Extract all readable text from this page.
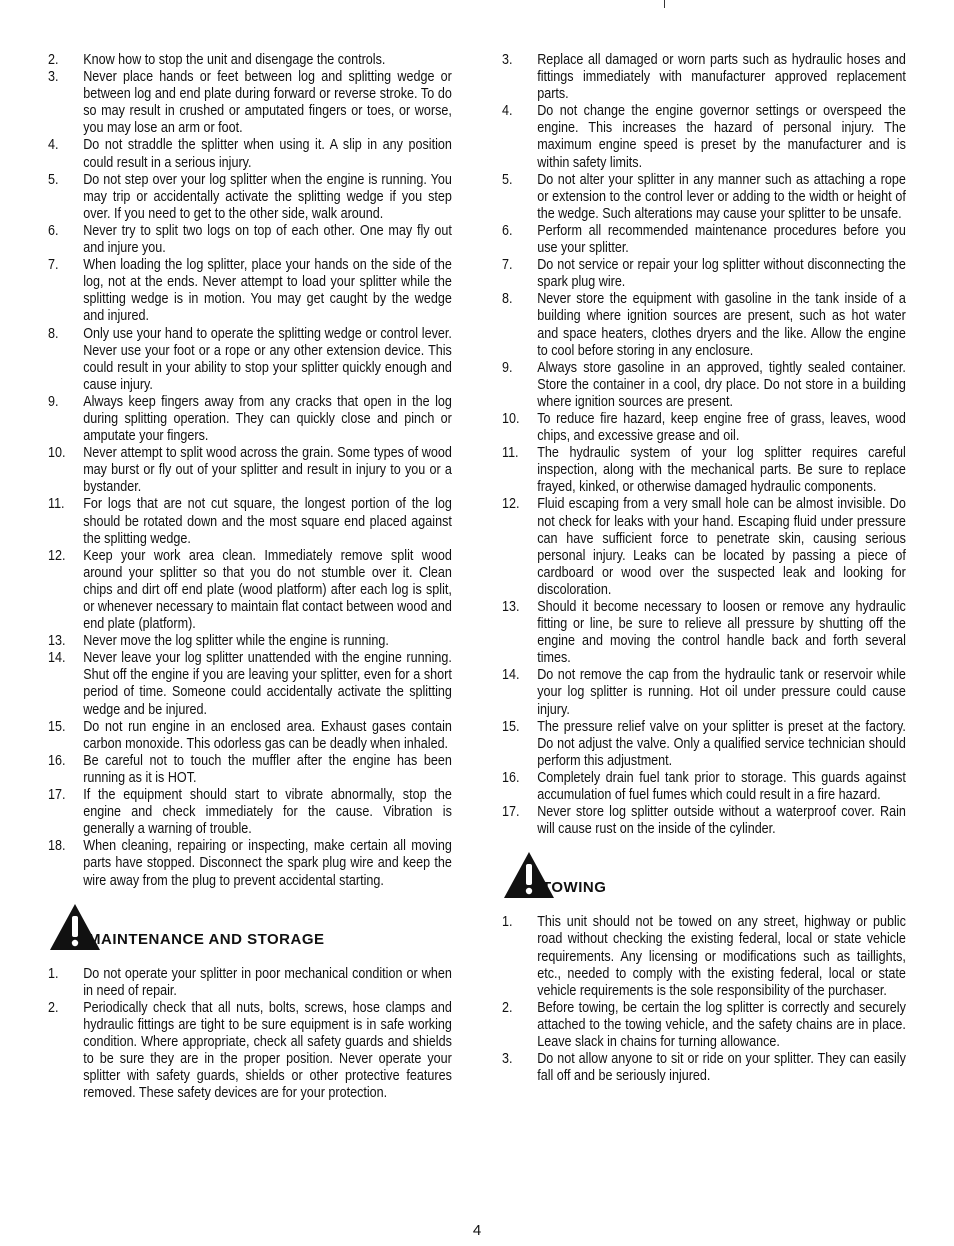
2.	Know how to stop the unit and disengage the controls.
3.	Never place hands or feet between log and splitting wedge or between log and end plate during forward or reverse stroke. To do so may result in crushed or amputated fingers or toes, or worse, you may lose an arm or foot.
4.	Do not straddle the splitter when using it. A slip in any position could result in a serious injury.
5.	Do not step over your log splitter when the engine is running. You may trip or accidentally activate the splitting wedge if you step over. If you need to get to the other side, walk around.
6.	Never try to split two logs on top of each other. One may fly out and injure you.
7.	When loading the log splitter, place your hands on the side of the log, not at the ends. Never attempt to load your splitter while the splitting wedge is in motion. You may get caught by the wedge and injured.
8.	Only use your hand to operate the splitting wedge or control lever. Never use your foot or a rope or any other extension device. This could result in your ability to stop your splitter quickly enough and cause injury.
9.	Always keep fingers away from any cracks that open in the log during splitting operation. They can quickly close and pinch or amputate your fingers.
10.	Never attempt to split wood across the grain. Some types of wood may burst or fly out of your splitter and result in injury to you or a bystander.
11.	For logs that are not cut square, the longest portion of the log should be rotated down and the most square end placed against the splitting wedge.
12.	Keep your work area clean. Immediately remove split wood around your splitter so that you do not stumble over it. Clean chips and dirt off end plate (wood platform) after each log is split, or whenever necessary to maintain flat contact between wood and end plate (platform).
13.	Never move the log splitter while the engine is running.
14.	Never leave your log splitter unattended with the engine running. Shut off the engine if you are leaving your splitter, even for a short period of time. Someone could accidentally activate the splitting wedge and be injured.
15.	Do not run engine in an enclosed area. Exhaust gases contain carbon monoxide. This odorless gas can be deadly when inhaled.
16.	Be careful not to touch the muffler after the engine has been running as it is HOT.
17.	If the equipment should start to vibrate abnormally, stop the engine and check immediately for the cause. Vibration is generally a warning of trouble.
18.	When cleaning, repairing or inspecting, make certain all moving parts have stopped. Disconnect the spark plug wire and keep the wire away from the plug to prevent accidental starting.
MAINTENANCE AND STORAGE
1.	Do not operate your splitter in poor mechanical condition or when in need of repair.
2.	Periodically check that all nuts, bolts, screws, hose clamps and hydraulic fittings are tight to be sure equipment is in safe working condition. Where appropriate, check all safety guards and shields to be sure they are in the proper position. Never operate your splitter with safety guards, shields or other protective features removed. These safety devices are for your protection.
3.	Replace all damaged or worn parts such as hydraulic hoses and fittings immediately with manufacturer approved replacement parts.
4.	Do not change the engine governor settings or overspeed the engine. This increases the hazard of personal injury. The maximum engine speed is preset by the manufacturer and is within safety limits.
5.	Do not alter your splitter in any manner such as attaching a rope or extension to the control lever or adding to the width or height of the wedge. Such alterations may cause your splitter to be unsafe.
6.	Perform all recommended maintenance procedures before you use your splitter.
7.	Do not service or repair your log splitter without disconnecting the spark plug wire.
8.	Never store the equipment with gasoline in the tank inside of a building where ignition sources are present, such as hot water and space heaters, clothes dryers and the like. Allow the engine to cool before storing in any enclosure.
9.	Always store gasoline in an approved, tightly sealed container. Store the container in a cool, dry place. Do not store in a building where ignition sources are present.
10.	To reduce fire hazard, keep engine free of grass, leaves, wood chips, and excessive grease and oil.
11.	The hydraulic system of your log splitter requires careful inspection, along with the mechanical parts. Be sure to replace frayed, kinked, or otherwise damaged hydraulic components.
12.	Fluid escaping from a very small hole can be almost invisible. Do not check for leaks with your hand. Escaping fluid under pressure can have sufficient force to penetrate skin, causing serious personal injury. Leaks can be located by passing a piece of cardboard or wood over the suspected leak and looking for discoloration.
13.	Should it become necessary to loosen or remove any hydraulic fitting or line, be sure to relieve all pressure by shutting off the engine and moving the control handle back and forth several times.
14.	Do not remove the cap from the hydraulic tank or reservoir while your log splitter is running. Hot oil under pressure could cause injury.
15.	The pressure relief valve on your splitter is preset at the factory. Do not adjust the valve. Only a qualified service technician should perform this adjustment.
16.	Completely drain fuel tank prior to storage. This guards against accumulation of fuel fumes which could result in a fire hazard.
17.	Never store log splitter outside without a waterproof cover. Rain will cause rust on the inside of the cylinder.
TOWING
1.	This unit should not be towed on any street, highway or public road without checking the existing federal, local or state vehicle requirements. Any licensing or modifications such as taillights, etc., needed to comply with the existing federal, local or state vehicle requirements is the sole responsibility of the purchaser.
2.	Before towing, be certain the log splitter is correctly and securely attached to the towing vehicle, and the safety chains are in place. Leave slack in chains for turning allowance.
3.	Do not allow anyone to sit or ride on your splitter. They can easily fall off and be seriously injured.
4
